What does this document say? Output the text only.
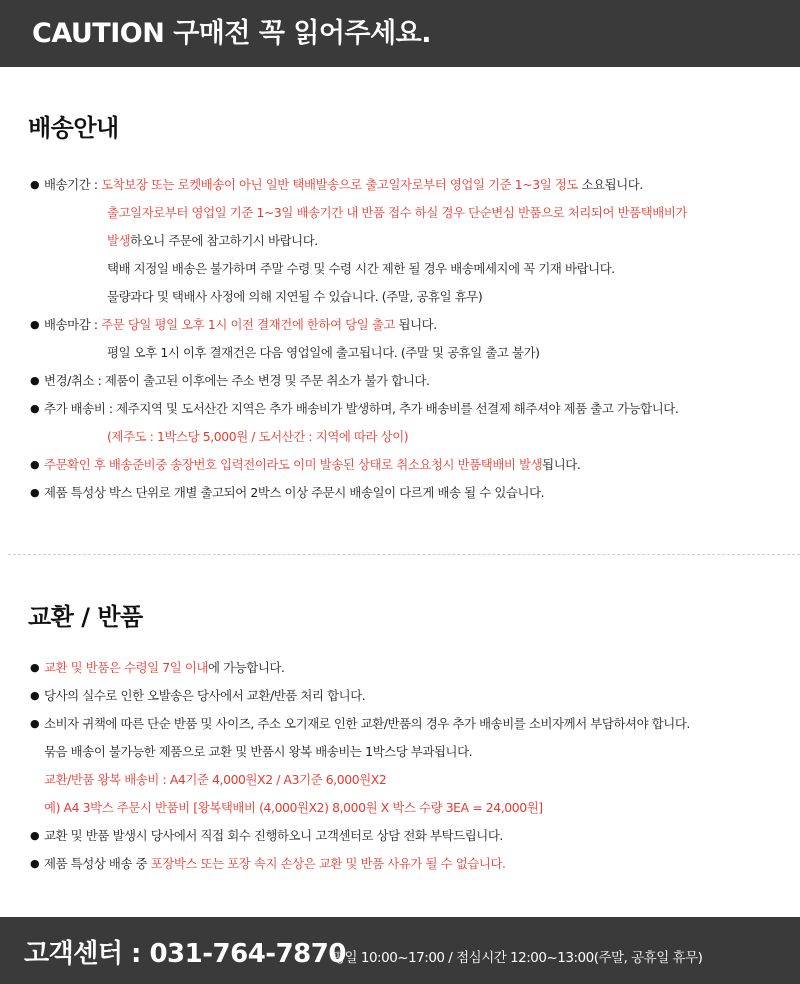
CAUTION 구매전 꼭 읽어주세요.
배송안내
● 배송기간 : 도착보장 또는 로켓배송이 아닌 일반 택배발송으로 출고일자로부터 영업일 기준 1~3일 정도 소요됩니다.
출고일자로부터 영업일 기준 1~3일 배송기간 내 반품 접수 하실 경우 단순변심 반품으로 처리되어 반품택배비가
발생하오니 주문에 참고하기시 바랍니다.
택배 지정일 배송은 불가하며 주말 수령 및 수령 시간 제한 될 경우 배송메세지에 꼭 기재 바랍니다.
물량과다 및 택배사 사정에 의해 지연될 수 있습니다. (주말, 공휴일 휴무)
● 배송마감 : 주문 당일 평일 오후 1시 이전 결재건에 한하여 당일 출고 됩니다.
평일 오후 1시 이후 결재건은 다음 영업일에 출고됩니다. (주말 및 공휴일 출고 불가)
● 변경/취소 : 제품이 출고된 이후에는 주소 변경 및 주문 취소가 불가 합니다.
● 추가 배송비 : 제주지역 및 도서산간 지역은 추가 배송비가 발생하며, 추가 배송비를 선결제 해주셔야 제품 출고 가능합니다.
(제주도 : 1박스당 5,000원 / 도서산간 : 지역에 따라 상이)
● 주문확인 후 배송준비중 송장번호 입력전이라도 이미 발송된 상태로 취소요청시 반품택배비 발생됩니다.
● 제품 특성상 박스 단위로 개별 출고되어 2박스 이상 주문시 배송일이 다르게 배송 될 수 있습니다.
교환 / 반품
● 교환 및 반품은 수령일 7일 이내에 가능합니다.
● 당사의 실수로 인한 오발송은 당사에서 교환/반품 처리 합니다.
● 소비자 귀책에 따른 단순 반품 및 사이즈, 주소 오기재로 인한 교환/반품의 경우 추가 배송비를 소비자께서 부담하셔야 합니다.
묶음 배송이 불가능한 제품으로 교환 및 반품시 왕복 배송비는 1박스당 부과됩니다.
교환/반품 왕복 배송비 : A4기준 4,000원X2 / A3기준 6,000원X2
예) A4 3박스 주문시 반품비 [왕복택배비 (4,000원X2) 8,000원 X 박스 수량 3EA = 24,000원]
● 교환 및 반품 발생시 당사에서 직접 회수 진행하오니 고객센터로 상담 전화 부탁드립니다.
● 제품 특성상 배송 중 포장박스 또는 포장 속지 손상은 교환 및 반품 사유가 될 수 없습니다.
고객센터 : 031-764-7870
평일 10:00~17:00 / 점심시간 12:00~13:00(주말, 공휴일 휴무)
